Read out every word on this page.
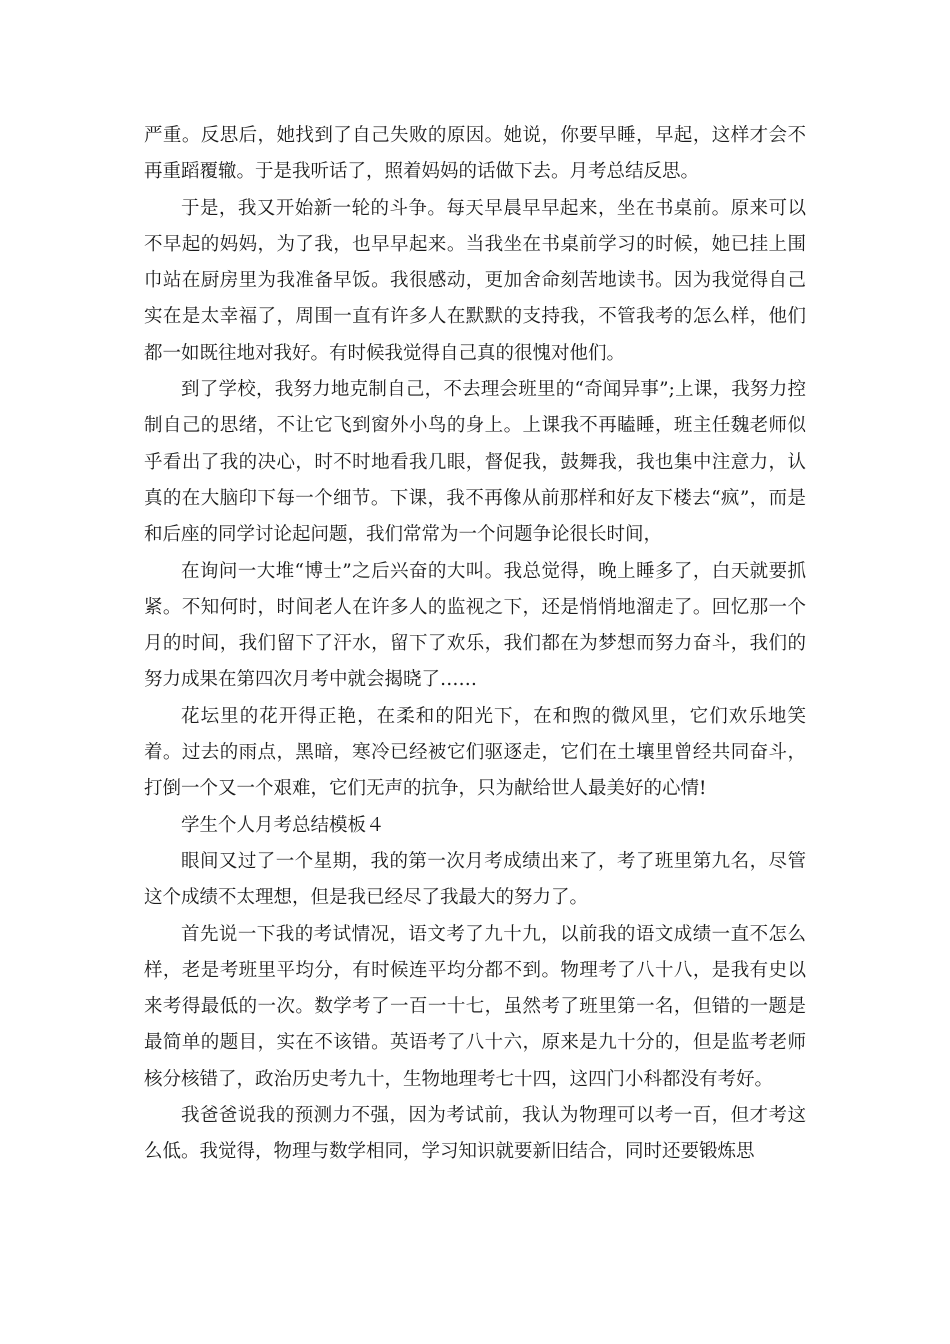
严重。反思后，她找到了自己失败的原因。她说，你要早睡，早起，这样才会不再重蹈覆辙。于是我听话了，照着妈妈的话做下去。月考总结反思。

于是，我又开始新一轮的斗争。每天早晨早早起来，坐在书桌前。原来可以不早起的妈妈，为了我，也早早起来。当我坐在书桌前学习的时候，她已挂上围巾站在厨房里为我准备早饭。我很感动，更加舍命刻苦地读书。因为我觉得自己实在是太幸福了，周围一直有许多人在默默的支持我，不管我考的怎么样，他们都一如既往地对我好。有时候我觉得自己真的很愧对他们。

到了学校，我努力地克制自己，不去理会班里的“奇闻异事”;上课，我努力控制自己的思绪，不让它飞到窗外小鸟的身上。上课我不再瞌睡，班主任魏老师似乎看出了我的决心，时不时地看我几眼，督促我，鼓舞我，我也集中注意力，认真的在大脑印下每一个细节。下课，我不再像从前那样和好友下楼去“疯”，而是和后座的同学讨论起问题，我们常常为一个问题争论很长时间，

在询问一大堆“博士”之后兴奋的大叫。我总觉得，晚上睡多了，白天就要抓紧。不知何时，时间老人在许多人的监视之下，还是悄悄地溜走了。回忆那一个月的时间，我们留下了汗水，留下了欢乐，我们都在为梦想而努力奋斗，我们的努力成果在第四次月考中就会揭晓了……

花坛里的花开得正艳，在柔和的阳光下，在和煦的微风里，它们欢乐地笑着。过去的雨点，黑暗，寒冷已经被它们驱逐走，它们在土壤里曾经共同奋斗，打倒一个又一个艰难，它们无声的抗争，只为献给世人最美好的心情!

学生个人月考总结模板４

眼间又过了一个星期，我的第一次月考成绩出来了，考了班里第九名，尽管这个成绩不太理想，但是我已经尽了我最大的努力了。

首先说一下我的考试情况，语文考了九十九，以前我的语文成绩一直不怎么样，老是考班里平均分，有时候连平均分都不到。物理考了八十八，是我有史以来考得最低的一次。数学考了一百一十七，虽然考了班里第一名，但错的一题是最简单的题目，实在不该错。英语考了八十六，原来是九十分的，但是监考老师核分核错了，政治历史考九十，生物地理考七十四，这四门小科都没有考好。

我爸爸说我的预测力不强，因为考试前，我认为物理可以考一百，但才考这么低。我觉得，物理与数学相同，学习知识就要新旧结合，同时还要锻炼思
